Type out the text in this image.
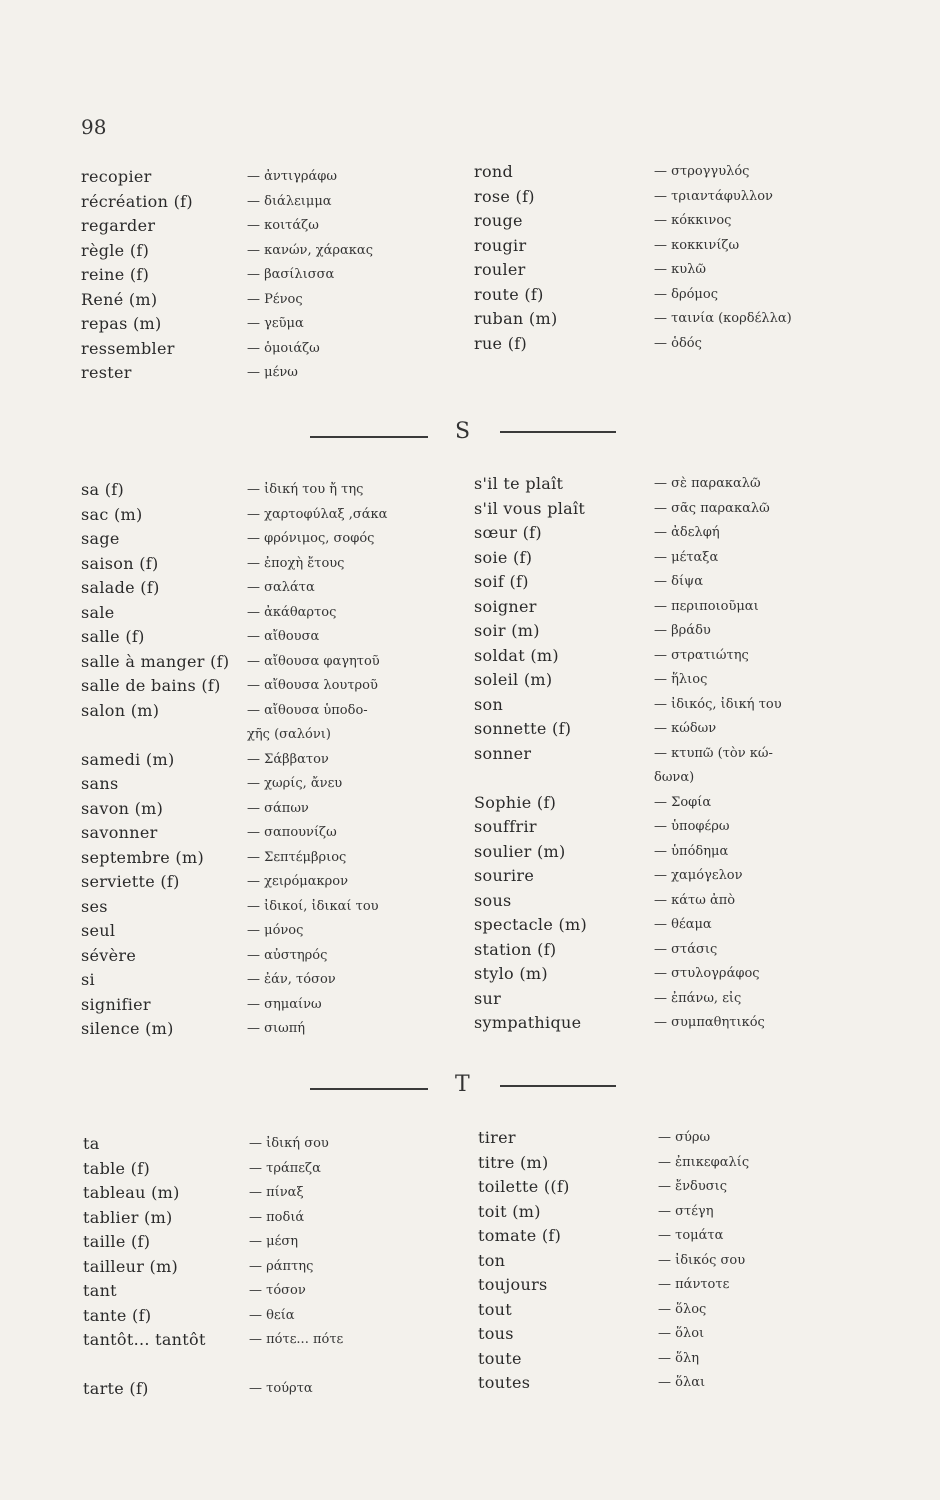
98
recopier	— ἀντιγράφω
récréation (f)	— διάλειμμα
regarder	— κοιτάζω
règle (f)	— κανών, χάρακας
reine (f)	— βασίλισσα
René (m)	— Ρένος
repas (m)	— γεῦμα
ressembler	— ὁμοιάζω
rester	— μένω
rond	— στρογγυλός
rose (f)	— τριαντάφυλλον
rouge	— κόκκινος
rougir	— κοκκινίζω
rouler	— κυλῶ
route (f)	— δρόμος
ruban (m)	— ταινία (κορδέλλα)
rue (f)	— ὁδός
S
sa (f)	— ἰδική του ἤ της
sac (m)	— χαρτοφύλαξ ,σάκα
sage	— φρόνιμος, σοφός
saison (f)	— ἐποχὴ ἔτους
salade (f)	— σαλάτα
sale	— ἀκάθαρτος
salle (f)	— αἴθουσα
salle à manger (f) — αἴθουσα φαγητοῦ
salle de bains (f) — αἴθουσα λουτροῦ
salon (m)	— αἴθουσα ὑποδο-
χῆς (σαλόνι)
samedi (m)	— Σάββατον
sans	— χωρίς, ἄνευ
savon (m)	— σάπων
savonner	— σαπουνίζω
septembre (m)	— Σεπτέμβριος
serviette (f)	— χειρόμακρον
ses	— ἰδικοί, ἰδικαί του
seul	— μόνος
sévère	— αὐστηρός
si	— ἐάν, τόσον
signifier	— σημαίνω
silence (m)	— σιωπή
s'il te plaît	— σὲ παρακαλῶ
s'il vous plaît	— σᾶς παρακαλῶ
sœur (f)	— ἀδελφή
soie (f)	— μέταξα
soif (f)	— δίψα
soigner	— περιποιοῦμαι
soir (m)	— βράδυ
soldat (m)	— στρατιώτης
soleil (m)	— ἥλιος
son	— ἰδικός, ἰδική του
sonnette (f)	— κώδων
sonner	— κτυπῶ (τὸν κώ-
δωνα)
Sophie (f)	— Σοφία
souffrir	— ὑποφέρω
soulier (m)	— ὑπόδημα
sourire	— χαμόγελον
sous	— κάτω ἀπὸ
spectacle (m)	— θέαμα
station (f)	— στάσις
stylo (m)	— στυλογράφος
sur	— ἐπάνω, εἰς
sympathique	— συμπαθητικός
T
ta	— ἰδική σου
table (f)	— τράπεζα
tableau (m)	— πίναξ
tablier (m)	— ποδιά
taille (f)	— μέση
tailleur (m)	— ράπτης
tant	— τόσον
tante (f)	— θεία
tantôt... tantôt	— πότε... πότε
tarte (f)	— τούρτα
tirer	— σύρω
titre (m)	— ἐπικεφαλίς
toilette ((f)	— ἔνδυσις
toit (m)	— στέγη
tomate (f)	— τομάτα
ton	— ἰδικός σου
toujours	— πάντοτε
tout	— ὅλος
tous	— ὅλοι
toute	— ὅλη
toutes	— ὅλαι
